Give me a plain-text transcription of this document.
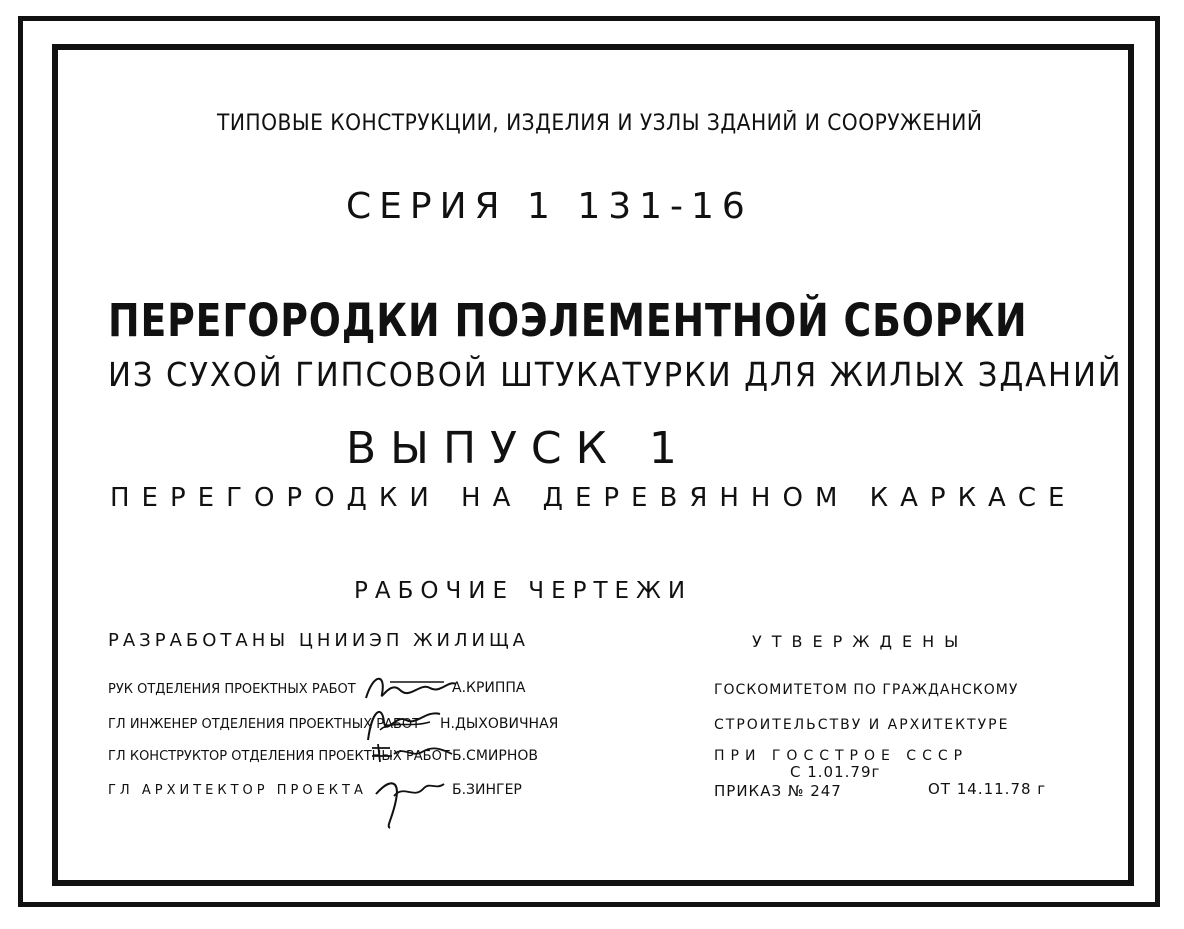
ТИПОВЫЕ КОНСТРУКЦИИ, ИЗДЕЛИЯ И УЗЛЫ ЗДАНИЙ И СООРУЖЕНИЙ
СЕРИЯ 1 131-16
ПЕРЕГОРОДКИ ПОЭЛЕМЕНТНОЙ СБОРКИ
ИЗ СУХОЙ ГИПСОВОЙ ШТУКАТУРКИ ДЛЯ ЖИЛЫХ ЗДАНИЙ
ВЫПУСК 1
ПЕРЕГОРОДКИ НА ДЕРЕВЯННОМ КАРКАСЕ
РАБОЧИЕ ЧЕРТЕЖИ
РАЗРАБОТАНЫ ЦНИИЭП ЖИЛИЩА	УТВЕРЖДЕНЫ
РУК ОТДЕЛЕНИЯ ПРОЕКТНЫХ РАБОТ	А.КРИППА
ГЛ ИНЖЕНЕР ОТДЕЛЕНИЯ ПРОЕКТНЫХ РАБОТ Н.ДЫХОВИЧНАЯ
ГЛ КОНСТРУКТОР ОТДЕЛЕНИЯ ПРОЕКТНЫХ РАБОТ Б.СМИРНОВ
ГЛ АРХИТЕКТОР ПРОЕКТА	Б.ЗИНГЕР
ГОСКОМИТЕТОМ ПО ГРАЖДАНСКОМУ
СТРОИТЕЛЬСТВУ И АРХИТЕКТУРЕ
ПРИ ГОССТРОЕ СССР
С 1.01.79г
ПРИКАЗ № 247	ОТ 14.11.78 г
